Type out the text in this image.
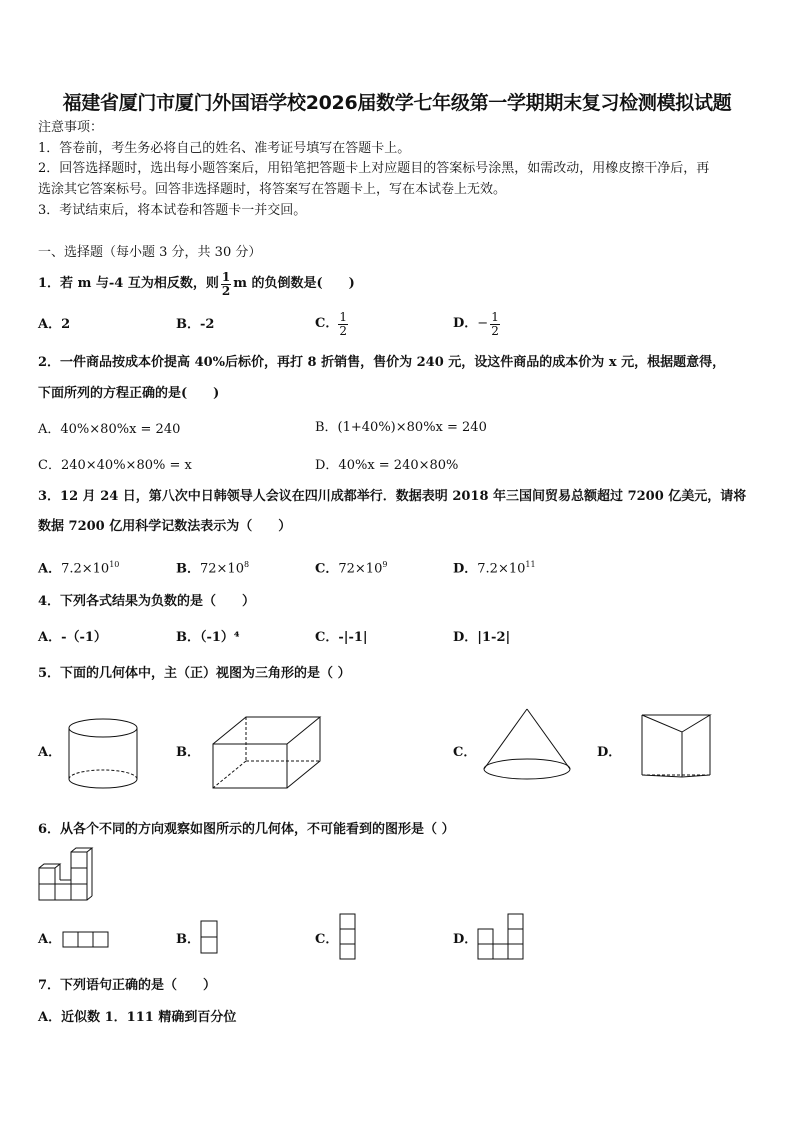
福建省厦门市厦门外国语学校2026届数学七年级第一学期期末复习检测模拟试题
注意事项：
1．答卷前，考生务必将自己的姓名、准考证号填写在答题卡上。
2．回答选择题时，选出每小题答案后，用铅笔把答题卡上对应题目的答案标号涂黑，如需改动，用橡皮擦干净后，再
选涂其它答案标号。回答非选择题时，将答案写在答题卡上，写在本试卷上无效。
3．考试结束后，将本试卷和答题卡一并交回。
一、选择题（每小题 3 分，共 30 分）
1．若 m 与-4 互为相反数，则 $\frac{1}{2}$ m 的负倒数是(　　)
A．2	B．-2	C． $\frac{1}{2}$	D． − $\frac{1}{2}$
2．一件商品按成本价提高 40%后标价，再打 8 折销售，售价为 240 元，设这件商品的成本价为 x 元，根据题意得，
下面所列的方程正确的是(　　)
A．40%×80%x = 240	B．(1+40%)×80%x = 240
C．240×40%×80% = x	D．40%x = 240×80%
3．12 月 24 日，第八次中日韩领导人会议在四川成都举行．数据表明 2018 年三国间贸易总额超过 7200 亿美元，请将
数据 7200 亿用科学记数法表示为（　　）
A．$7.2\times 10^{10}$	B．$72\times 10^8$	C．$72\times 10^9$	D．$7.2\times 10^{11}$
4．下列各式结果为负数的是（　　）
A．-（-1）	B．（-1）⁴	C．-|-1|	D．|1-2|
5．下面的几何体中，主（正）视图为三角形的是（ ）
A．	B．	C．	D．
6．从各个不同的方向观察如图所示的几何体，不可能看到的图形是（ ）
A．	B．	C．	D．
7．下列语句正确的是（　　）
A．近似数 1．111 精确到百分位
